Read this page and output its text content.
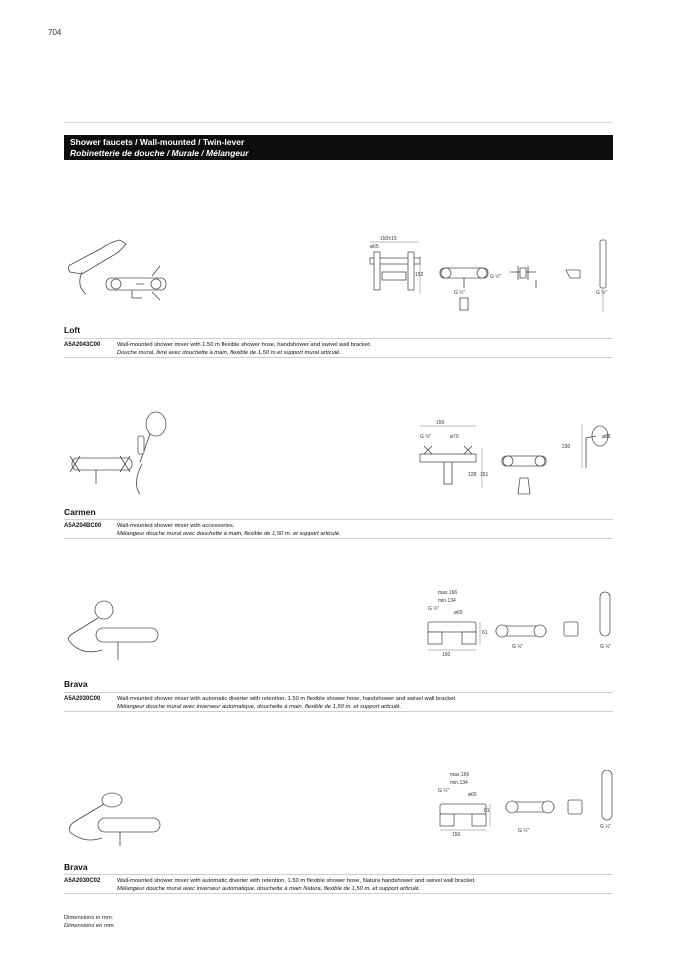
704
Shower faucets / Wall-mounted / Twin-lever
Robinetterie de douche / Murale / Mélangeur
150±15
ø65
152
G ½"
G ½"
G ½"
Loft
A5A2043C00	Wall-mounted shower mixer with 1.50 m flexible shower hose, handshower and swivel wall bracket.
Douche mural, livré avec douchette à main, flexible de 1,50 m et support mural articulé.
150
G ½"	ø70
128 151
230
ø86
Carmen
A5A204BC00	Wall-mounted shower mixer with accessories.
Mélangeur douche mural avec douchette à main, flexible de 1,50 m. et support articulé.
max.166
min.134
G ½"
ø65
61
150
G ½"	G ½"
Brava
A5A2030C00	Wall-mounted shower mixer with automatic diverter with retention, 1.50 m flexible shower hose, handshower and swivel wall bracket.
Mélangeur douche mural avec inverseur automatique, douchette à main, flexible de 1,50 m. et support articulé.
max.166
min.134
G ½"
ø65
61
150
G ½"
G ½"
Brava
A5A2030C02	Wall-mounted shower mixer with automatic diverter with retention, 1.50 m flexible shower hose, Natura handshower and swivel wall bracket.
Mélangeur douche mural avec inverseur automatique, douchette à main Natura, flexible de 1,50 m. et support articulé.
Dimensions in mm.
Dimensions en mm.
